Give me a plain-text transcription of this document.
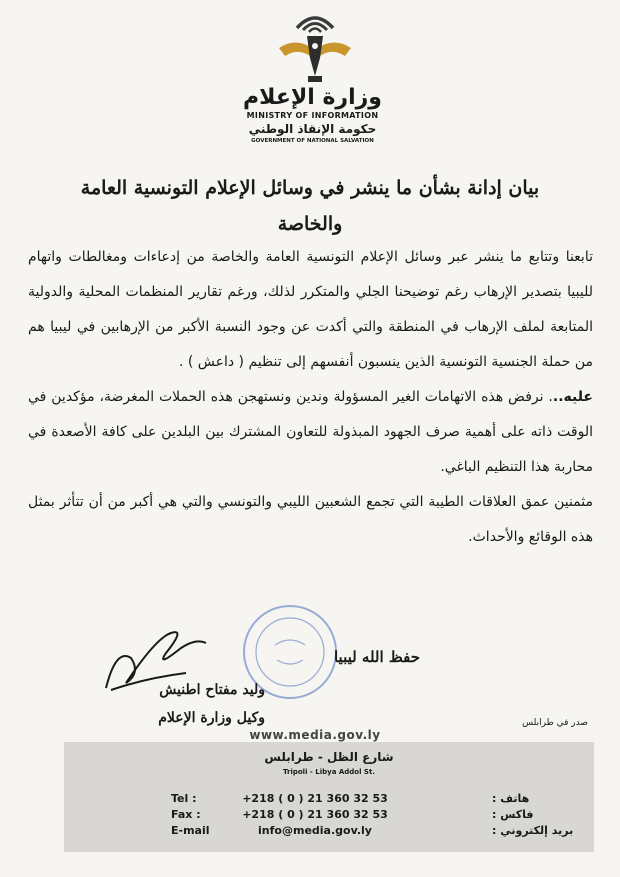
وزارة الإعلام
MINISTRY OF INFORMATION
حكومة الإنقاذ الوطني
GOVERNMENT OF NATIONAL SALVATION
بيان إدانة بشأن ما ينشر في وسائل الإعلام التونسية العامة والخاصة

تابعنا وتتابع ما ينشر عبر وسائل الإعلام التونسية العامة والخاصة من إدعاءات ومغالطات واتهام لليبيا بتصدير الإرهاب رغم توضيحنا الجلي والمتكرر لذلك، ورغم تقارير المنظمات المحلية والدولية المتابعة لملف الإرهاب في المنطقة والتي أكدت عن وجود النسبة الأكبر من الإرهابين في ليبيا هم من حملة الجنسية التونسية الذين ينسبون أنفسهم إلى تنظيم ( داعش ) .

عليه... نرفض هذه الاتهامات الغير المسؤولة وندين ونستهجن هذه الحملات المغرضة، مؤكدين في الوقت ذاته على أهمية صرف الجهود المبذولة للتعاون المشترك بين البلدين على كافة الأصعدة في محاربة هذا التنظيم الباغي.

مثمنين عمق العلاقات الطيبة التي تجمع الشعبين الليبي والتونسي والتي هي أكبر من أن تتأثر بمثل هذه الوقائع والأحداث.

حفظ الله ليبيا
وليد مفتاح اطنيش
وكيل وزارة الإعلام	صدر في طرابلس
www.media.gov.ly
شارع الظل - طرابلس
Tripoli - Libya Addol St.
Tel :	+218 ( 0 ) 21 360 32 53	هاتف :
Fax :	+218 ( 0 ) 21 360 32 53	فاكس :
E-mail	info@media.gov.ly	بريد إلكتروني :
